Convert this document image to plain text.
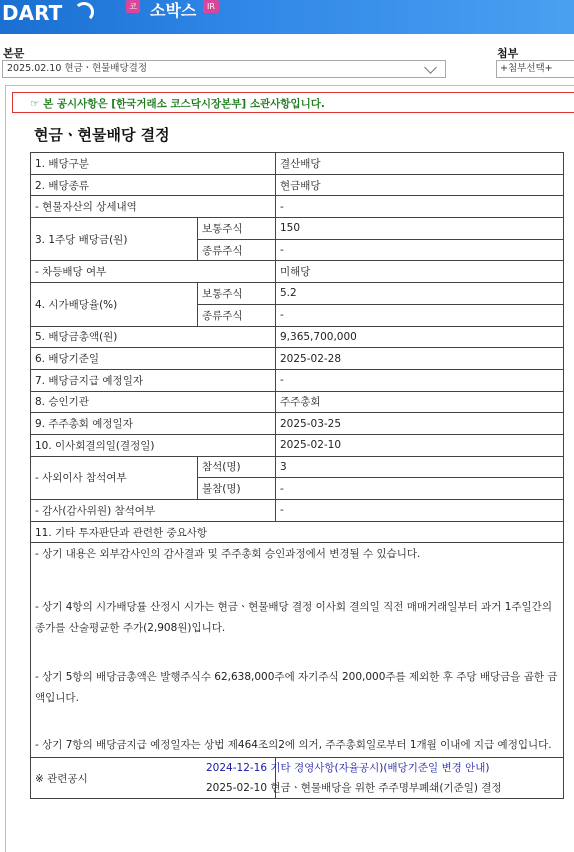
DART	코 소박스	IR
본문
2025.02.10 현금ㆍ현물배당결정
첨부
+첨부선택+
☞ 본 공시사항은 [한국거래소 코스닥시장본부] 소관사항입니다.
현금ㆍ현물배당 결정
1. 배당구분		결산배당
2. 배당종류		현금배당
- 현물자산의 상세내역		-
3. 1주당 배당금(원)	보통주식	150
	종류주식	-
- 차등배당 여부		미해당
4. 시가배당율(%)	보통주식	5.2
	종류주식	-
5. 배당금총액(원)		9,365,700,000
6. 배당기준일		2025-02-28
7. 배당금지급 예정일자		-
8. 승인기관		주주총회
9. 주주총회 예정일자		2025-03-25
10. 이사회결의일(결정일)		2025-02-10
- 사외이사 참석여부	참석(명)	3
	불참(명)	-
- 감사(감사위원) 참석여부		-
11. 기타 투자판단과 관련한 중요사항		

- 상기 내용은 외부감사인의 감사결과 및 주주총회 승인과정에서 변경될 수 있습니다.
- 상기 4항의 시가배당률 산정시 시가는 현금ㆍ현물배당 결정 이사회 결의일 직전 매매거래일부터 과거 1주일간의 종가를 산술평균한 주가(2,908원)입니다.
- 상기 5항의 배당금총액은 발행주식수 62,638,000주에 자기주식 200,000주를 제외한 후 주당 배당금을 곱한 금액입니다.
- 상기 7항의 배당금지급 예정일자는 상법 제464조의2에 의거, 주주총회일로부터 1개월 이내에 지급 예정입니다.		

※ 관련공시		2024-12-16 기타 경영사항(자율공시)(배당기준일 변경 안내)
2025-02-10 현금ㆍ현물배당을 위한 주주명부폐쇄(기준일) 결정
